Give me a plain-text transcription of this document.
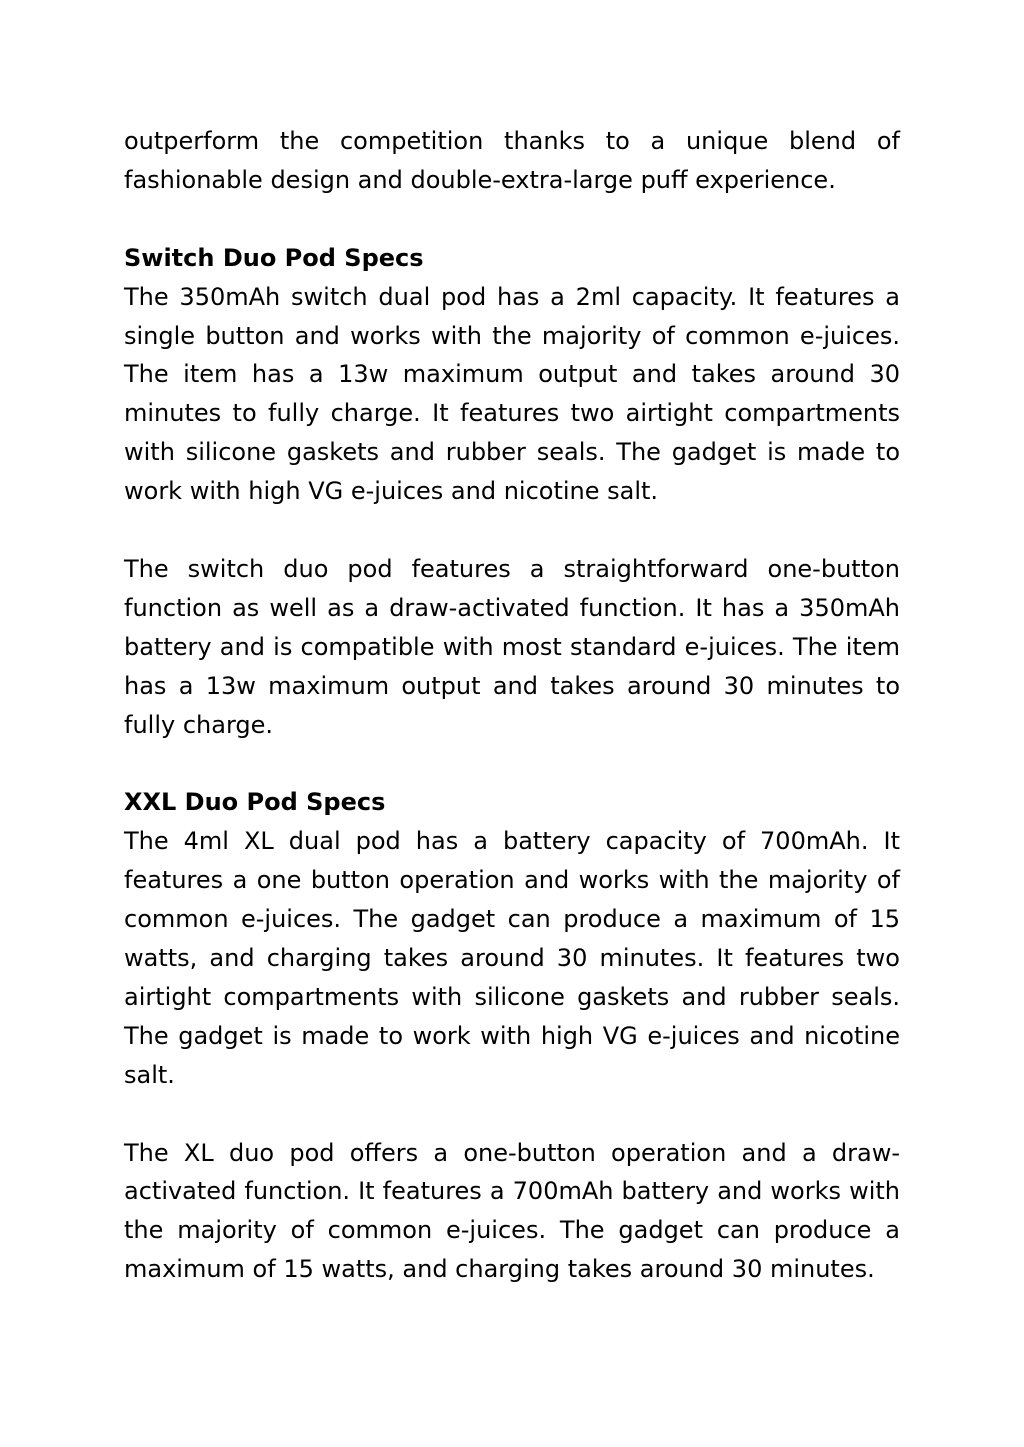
outperform the competition thanks to a unique blend of fashionable design and double-extra-large puff experience.

Switch Duo Pod Specs

The 350mAh switch dual pod has a 2ml capacity. It features a single button and works with the majority of common e-juices. The item has a 13w maximum output and takes around 30 minutes to fully charge. It features two airtight compartments with silicone gaskets and rubber seals. The gadget is made to work with high VG e-juices and nicotine salt.

The switch duo pod features a straightforward one-button function as well as a draw-activated function. It has a 350mAh battery and is compatible with most standard e-juices. The item has a 13w maximum output and takes around 30 minutes to fully charge.

XXL Duo Pod Specs

The 4ml XL dual pod has a battery capacity of 700mAh. It features a one button operation and works with the majority of common e-juices. The gadget can produce a maximum of 15 watts, and charging takes around 30 minutes. It features two airtight compartments with silicone gaskets and rubber seals. The gadget is made to work with high VG e-juices and nicotine salt.

The XL duo pod offers a one-button operation and a draw-activated function. It features a 700mAh battery and works with the majority of common e-juices. The gadget can produce a maximum of 15 watts, and charging takes around 30 minutes.
